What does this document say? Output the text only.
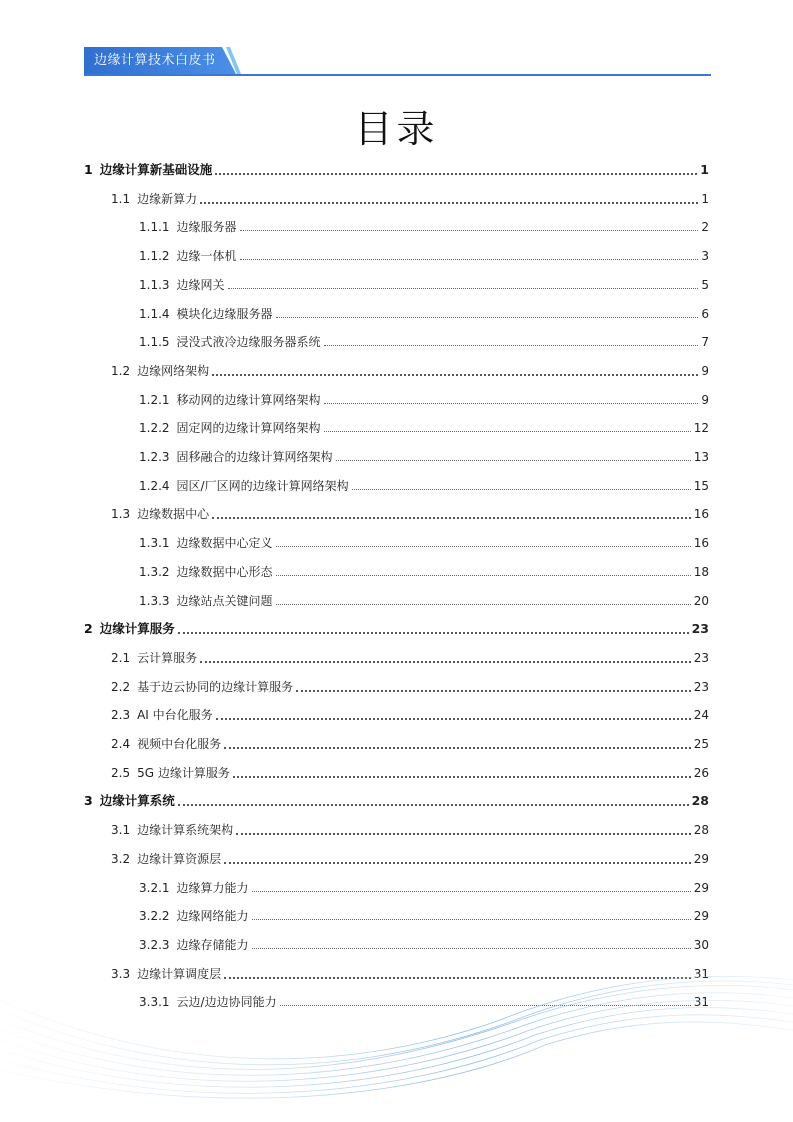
边缘计算技术白皮书
目录
1 边缘计算新基础设施	1
1.1 边缘新算力	1
1.1.1 边缘服务器	2
1.1.2 边缘一体机	3
1.1.3 边缘网关	5
1.1.4 模块化边缘服务器	6
1.1.5 浸没式液冷边缘服务器系统	7
1.2 边缘网络架构	9
1.2.1 移动网的边缘计算网络架构	9
1.2.2 固定网的边缘计算网络架构	12
1.2.3 固移融合的边缘计算网络架构	13
1.2.4 园区/厂区网的边缘计算网络架构	15
1.3 边缘数据中心	16
1.3.1 边缘数据中心定义	16
1.3.2 边缘数据中心形态	18
1.3.3 边缘站点关键问题	20
2 边缘计算服务	23
2.1 云计算服务	23
2.2 基于边云协同的边缘计算服务	23
2.3 AI 中台化服务	24
2.4 视频中台化服务	25
2.5 5G 边缘计算服务	26
3 边缘计算系统	28
3.1 边缘计算系统架构	28
3.2 边缘计算资源层	29
3.2.1 边缘算力能力	29
3.2.2 边缘网络能力	29
3.2.3 边缘存储能力	30
3.3 边缘计算调度层	31
3.3.1 云边/边边协同能力	31
